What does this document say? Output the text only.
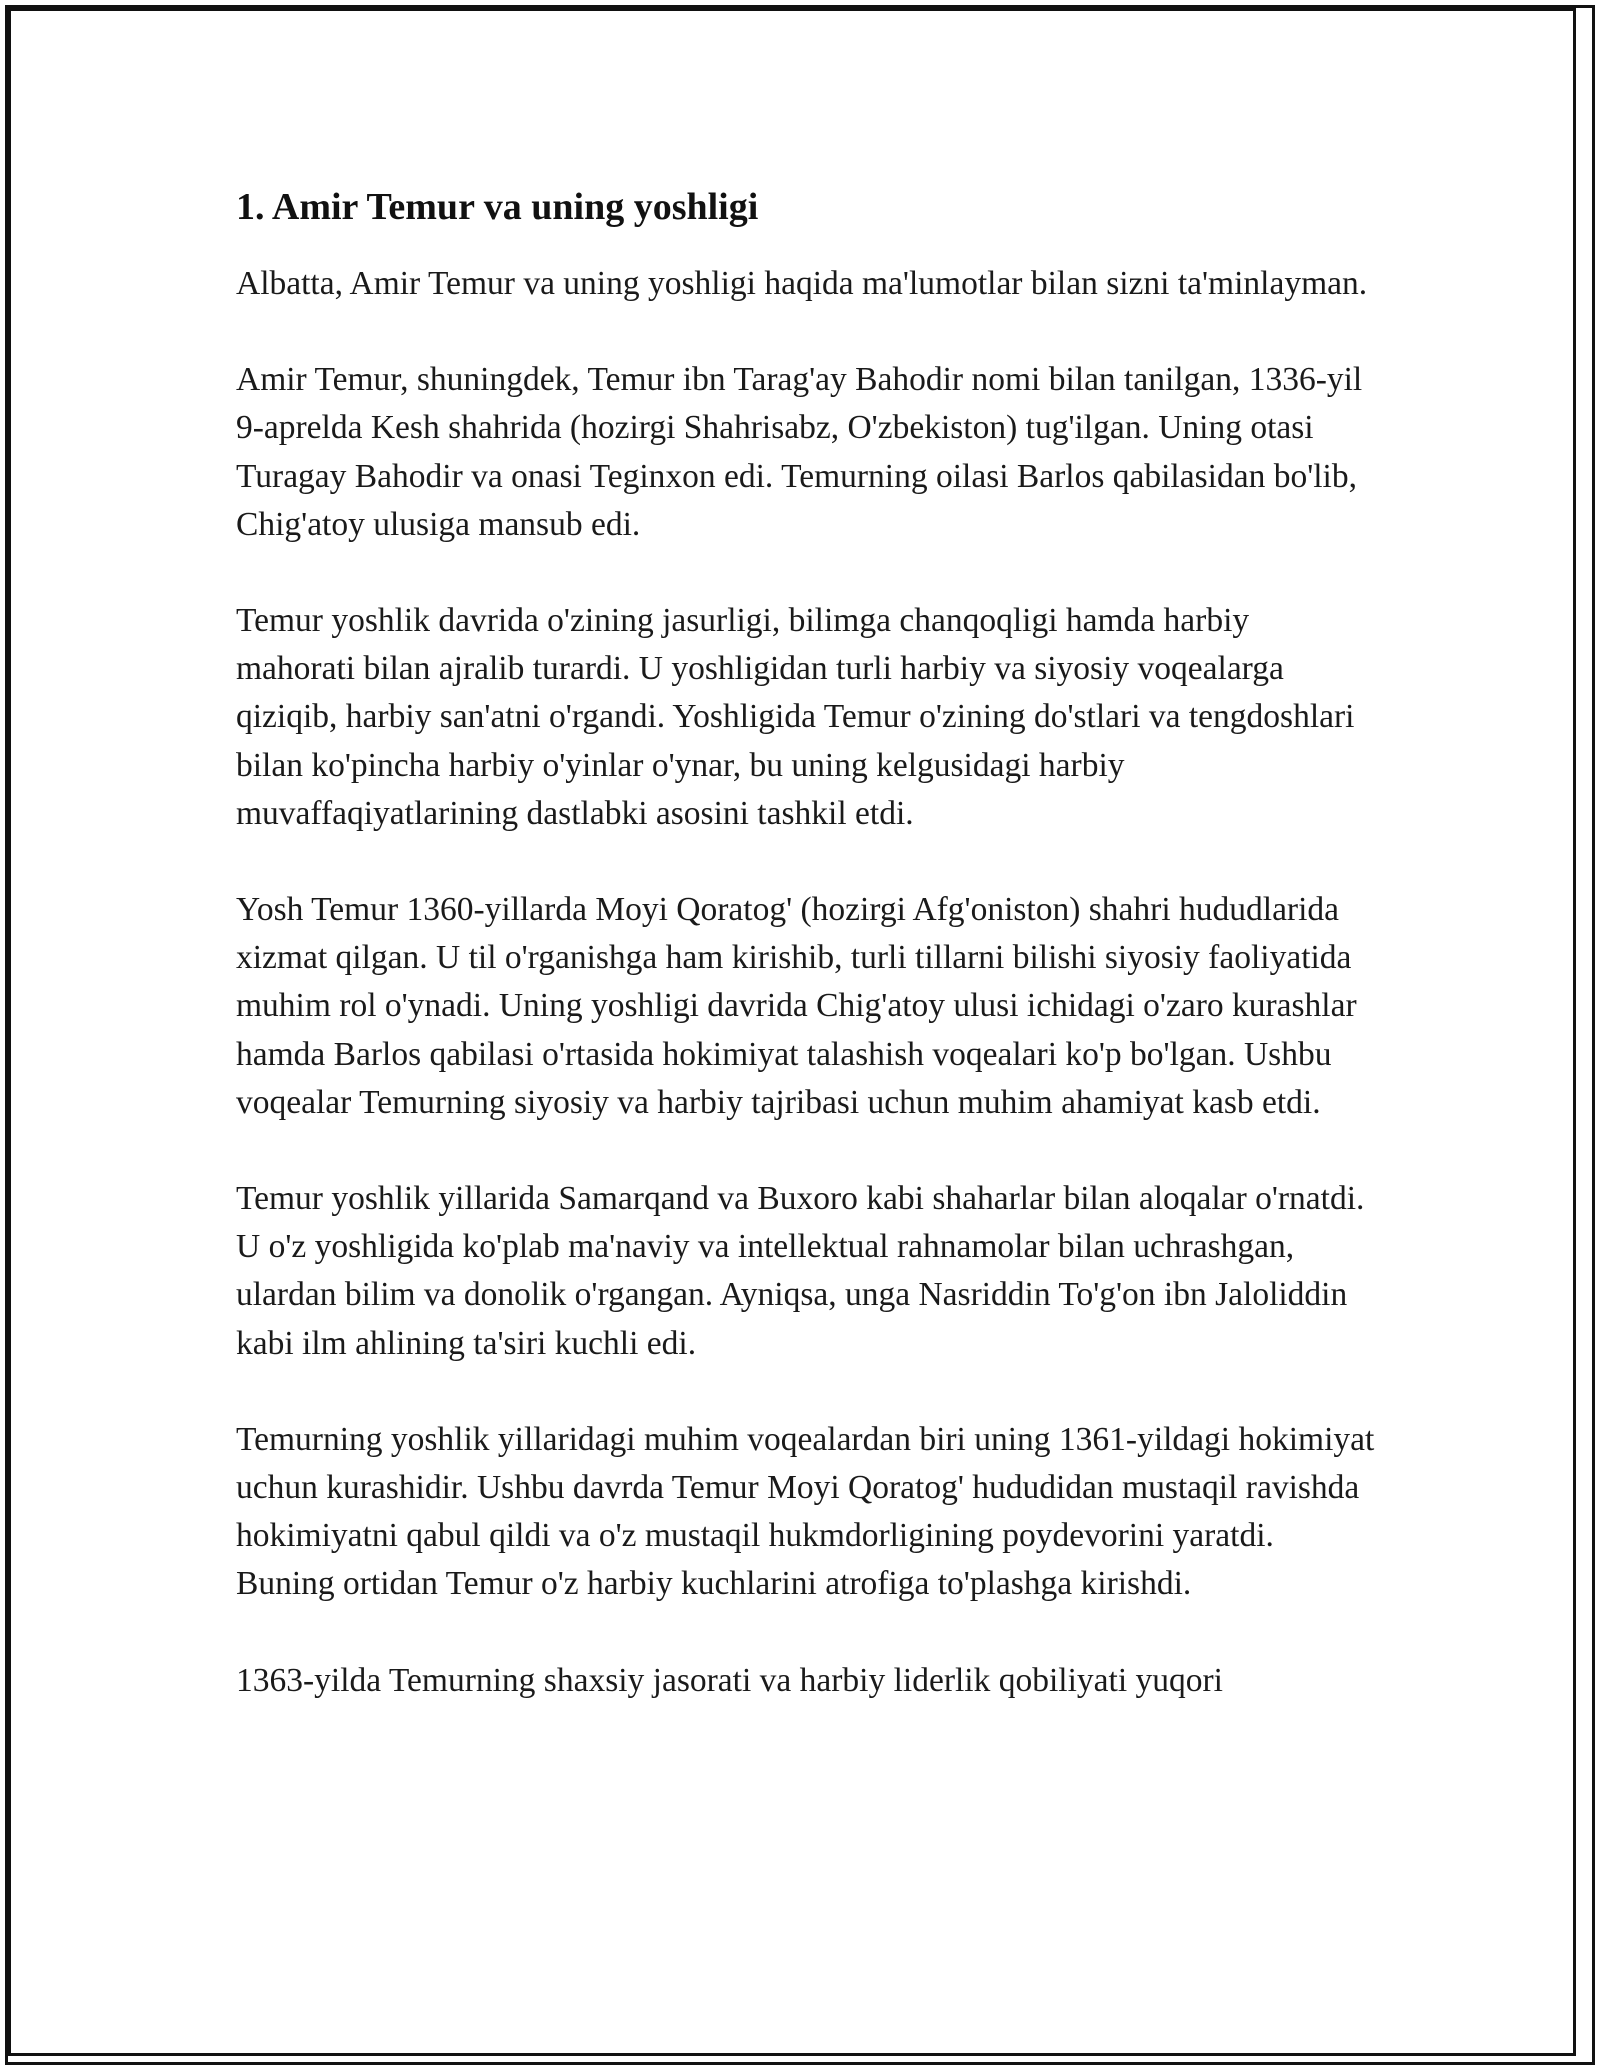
1. Amir Temur va uning yoshligi

Albatta, Amir Temur va uning yoshligi haqida ma'lumotlar bilan sizni ta'minlayman.

Amir Temur, shuningdek, Temur ibn Tarag'ay Bahodir nomi bilan tanilgan, 1336-yil 9-aprelda Kesh shahrida (hozirgi Shahrisabz, O'zbekiston) tug'ilgan. Uning otasi Turagay Bahodir va onasi Teginxon edi. Temurning oilasi Barlos qabilasidan bo'lib, Chig'atoy ulusiga mansub edi.

Temur yoshlik davrida o'zining jasurligi, bilimga chanqoqligi hamda harbiy mahorati bilan ajralib turardi. U yoshligidan turli harbiy va siyosiy voqealarga qiziqib, harbiy san'atni o'rgandi. Yoshligida Temur o'zining do'stlari va tengdoshlari bilan ko'pincha harbiy o'yinlar o'ynar, bu uning kelgusidagi harbiy muvaffaqiyatlarining dastlabki asosini tashkil etdi.

Yosh Temur 1360-yillarda Moyi Qoratog' (hozirgi Afg'oniston) shahri hududlarida xizmat qilgan. U til o'rganishga ham kirishib, turli tillarni bilishi siyosiy faoliyatida muhim rol o'ynadi. Uning yoshligi davrida Chig'atoy ulusi ichidagi o'zaro kurashlar hamda Barlos qabilasi o'rtasida hokimiyat talashish voqealari ko'p bo'lgan. Ushbu voqealar Temurning siyosiy va harbiy tajribasi uchun muhim ahamiyat kasb etdi.

Temur yoshlik yillarida Samarqand va Buxoro kabi shaharlar bilan aloqalar o'rnatdi. U o'z yoshligida ko'plab ma'naviy va intellektual rahnamolar bilan uchrashgan, ulardan bilim va donolik o'rgangan. Ayniqsa, unga Nasriddin To'g'on ibn Jaloliddin kabi ilm ahlining ta'siri kuchli edi.

Temurning yoshlik yillaridagi muhim voqealardan biri uning 1361-yildagi hokimiyat uchun kurashidir. Ushbu davrda Temur Moyi Qoratog' hududidan mustaqil ravishda hokimiyatni qabul qildi va o'z mustaqil hukmdorligining poydevorini yaratdi. Buning ortidan Temur o'z harbiy kuchlarini atrofiga to'plashga kirishdi.

1363-yilda Temurning shaxsiy jasorati va harbiy liderlik qobiliyati yuqori
